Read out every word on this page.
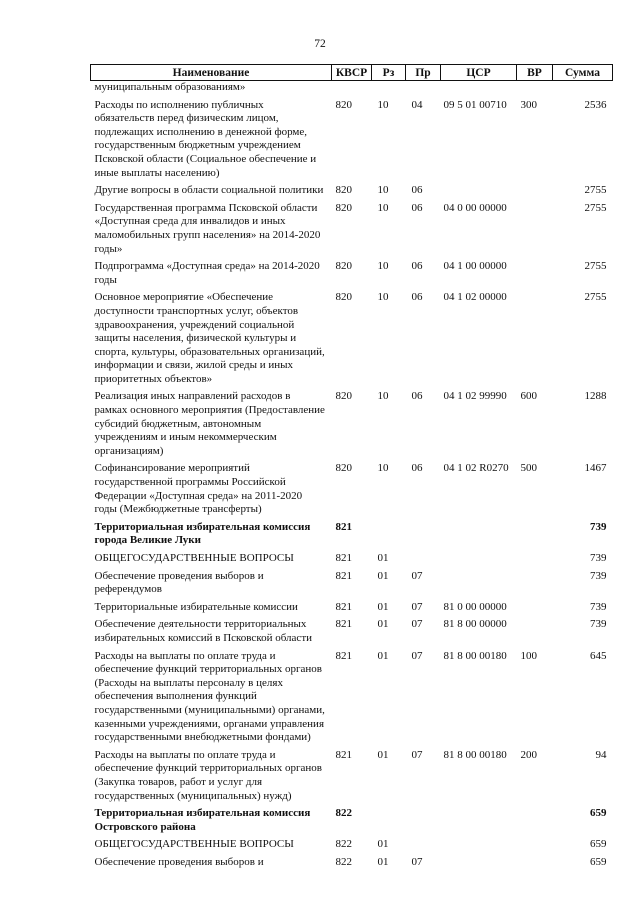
72
Наименование	КВСР	Рз	Пр	ЦСР	ВР	Сумма
муниципальным образованиям»						
Расходы по исполнению публичных обязательств перед физическим лицом, подлежащих исполнению в денежной форме, государственным бюджетным учреждением Псковской области (Социальное обеспечение и иные выплаты населению)	820	10	04	09 5 01 00710	300	2536
Другие вопросы в области социальной политики	820	10	06			2755
Государственная программа Псковской области «Доступная среда для инвалидов и иных маломобильных групп населения» на 2014-2020 годы»	820	10	06	04 0 00 00000		2755
Подпрограмма «Доступная среда» на 2014-2020 годы	820	10	06	04 1 00 00000		2755
Основное мероприятие «Обеспечение доступности транспортных услуг, объектов здравоохранения, учреждений социальной защиты населения, физической культуры и спорта, культуры, образовательных организаций, информации и связи, жилой среды и иных приоритетных объектов»	820	10	06	04 1 02 00000		2755
Реализация иных направлений расходов в рамках основного мероприятия (Предоставление субсидий бюджетным, автономным учреждениям и иным некоммерческим организациям)	820	10	06	04 1 02 99990	600	1288
Софинансирование мероприятий государственной программы Российской Федерации «Доступная среда» на 2011-2020 годы (Межбюджетные трансферты)	820	10	06	04 1 02 R0270	500	1467
Территориальная избирательная комиссия города Великие Луки	821					739
ОБЩЕГОСУДАРСТВЕННЫЕ ВОПРОСЫ	821	01				739
Обеспечение проведения выборов и референдумов	821	01	07			739
Территориальные избирательные комиссии	821	01	07	81 0 00 00000		739
Обеспечение деятельности территориальных избирательных комиссий в Псковской области	821	01	07	81 8 00 00000		739
Расходы на выплаты по оплате труда и обеспечение функций территориальных органов (Расходы на выплаты персоналу в целях обеспечения выполнения функций государственными (муниципальными) органами, казенными учреждениями, органами управления государственными внебюджетными фондами)	821	01	07	81 8 00 00180	100	645
Расходы на выплаты по оплате труда и обеспечение функций территориальных органов (Закупка товаров, работ и услуг для государственных (муниципальных) нужд)	821	01	07	81 8 00 00180	200	94
Территориальная избирательная комиссия Островского района	822					659
ОБЩЕГОСУДАРСТВЕННЫЕ ВОПРОСЫ	822	01				659
Обеспечение проведения выборов и	822	01	07			659
